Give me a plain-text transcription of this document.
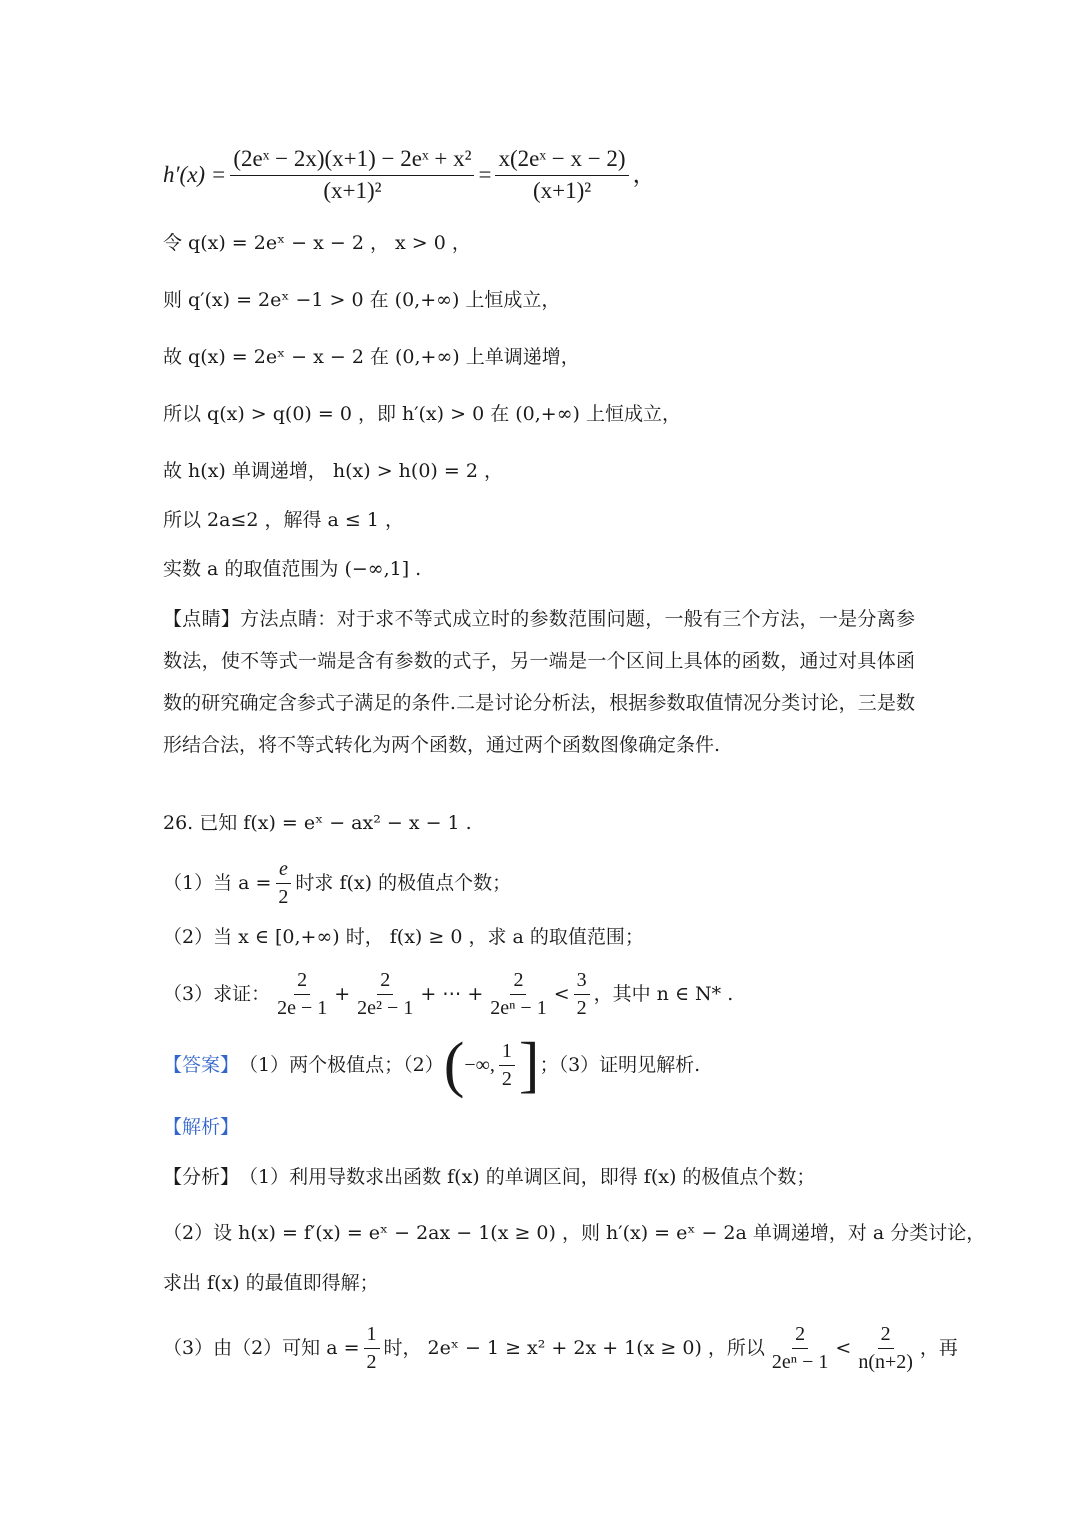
$h'(x) = \frac{\text{(2eˣ − 2x)(x+1) − 2eˣ + x²}}{\text{(x+1)²}} = \frac{\text{x(2eˣ − x − 2)}}{\text{(x+1)²}}$ ，
令 q(x) = 2eˣ − x − 2 ， x > 0 ，
则 q′(x) = 2eˣ −1 > 0 在 (0,+∞) 上恒成立，
故 q(x) = 2eˣ − x − 2 在 (0,+∞) 上单调递增，
所以 q(x) > q(0) = 0 ，即 h′(x) > 0 在 (0,+∞) 上恒成立，
故 h(x) 单调递增， h(x) > h(0) = 2 ，
所以 2a≤2 ，解得 a ≤ 1 ，
实数 a 的取值范围为 (−∞,1] .
【点睛】方法点睛：对于求不等式成立时的参数范围问题，一般有三个方法，一是分离参数法，使不等式一端是含有参数的式子，另一端是一个区间上具体的函数，通过对具体函数的研究确定含参式子满足的条件.二是讨论分析法，根据参数取值情况分类讨论，三是数形结合法，将不等式转化为两个函数，通过两个函数图像确定条件.
26. 已知 f(x) = eˣ − ax² − x − 1 .
（1）当 $a = \frac{e}{2}$ 时求 f(x) 的极值点个数；
（2）当 x ∈ [0,+∞) 时， f(x) ≥ 0 ，求 a 的取值范围；
（3）求证： $\frac{2}{2e - 1} + \frac{2}{\text{2e² − 1}}$ + ⋯ + $\frac{2}{\text{2eⁿ − 1}} < \frac{3}{2}$ ，其中 n ∈ N* .
【答案】 （1）两个极值点；（2） ( −∞, $\frac{1}{2}$ ] ；（3）证明见解析.
【解析】
【分析】 （1）利用导数求出函数 f(x) 的单调区间，即得 f(x) 的极值点个数；
（2）设 h(x) = f′(x) = eˣ − 2ax − 1(x ≥ 0) ，则 h′(x) = eˣ − 2a 单调递增，对 a 分类讨论，
求出 f(x) 的最值即得解；
（3）由（2）可知 $a = \frac{1}{2}$ 时， 2eˣ − 1 ≥ x² + 2x + 1(x ≥ 0) ，所以 $\frac{2}{\text{2eⁿ − 1}} < \frac{2}{n(n+2)}$ ，再
